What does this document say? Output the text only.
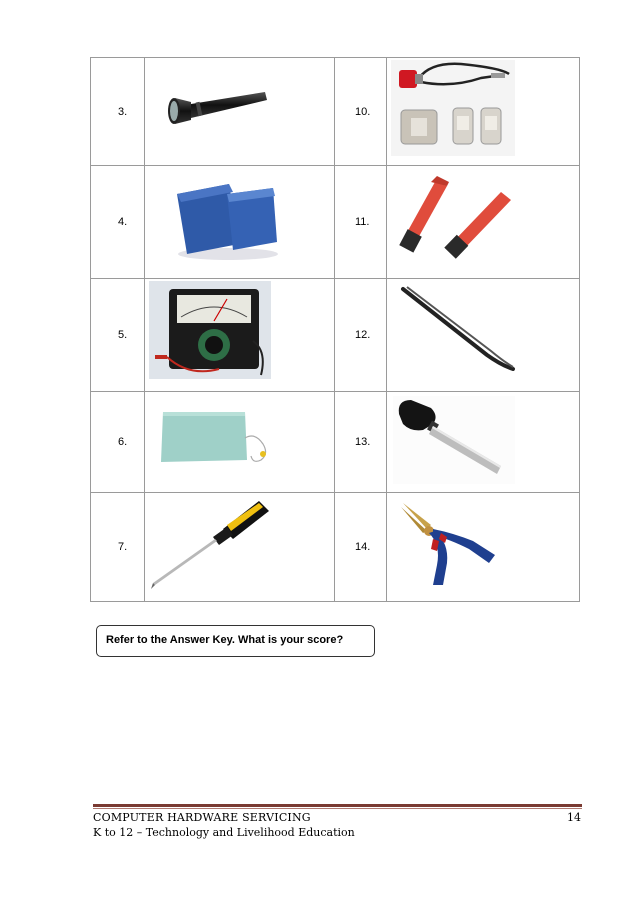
3.		10.	

4.		11.	

5.		12.	

6.		13.	

7.		14.	
Refer to the Answer Key. What is your score?
COMPUTER HARDWARE SERVICING	14
K to 12 – Technology and Livelihood Education
